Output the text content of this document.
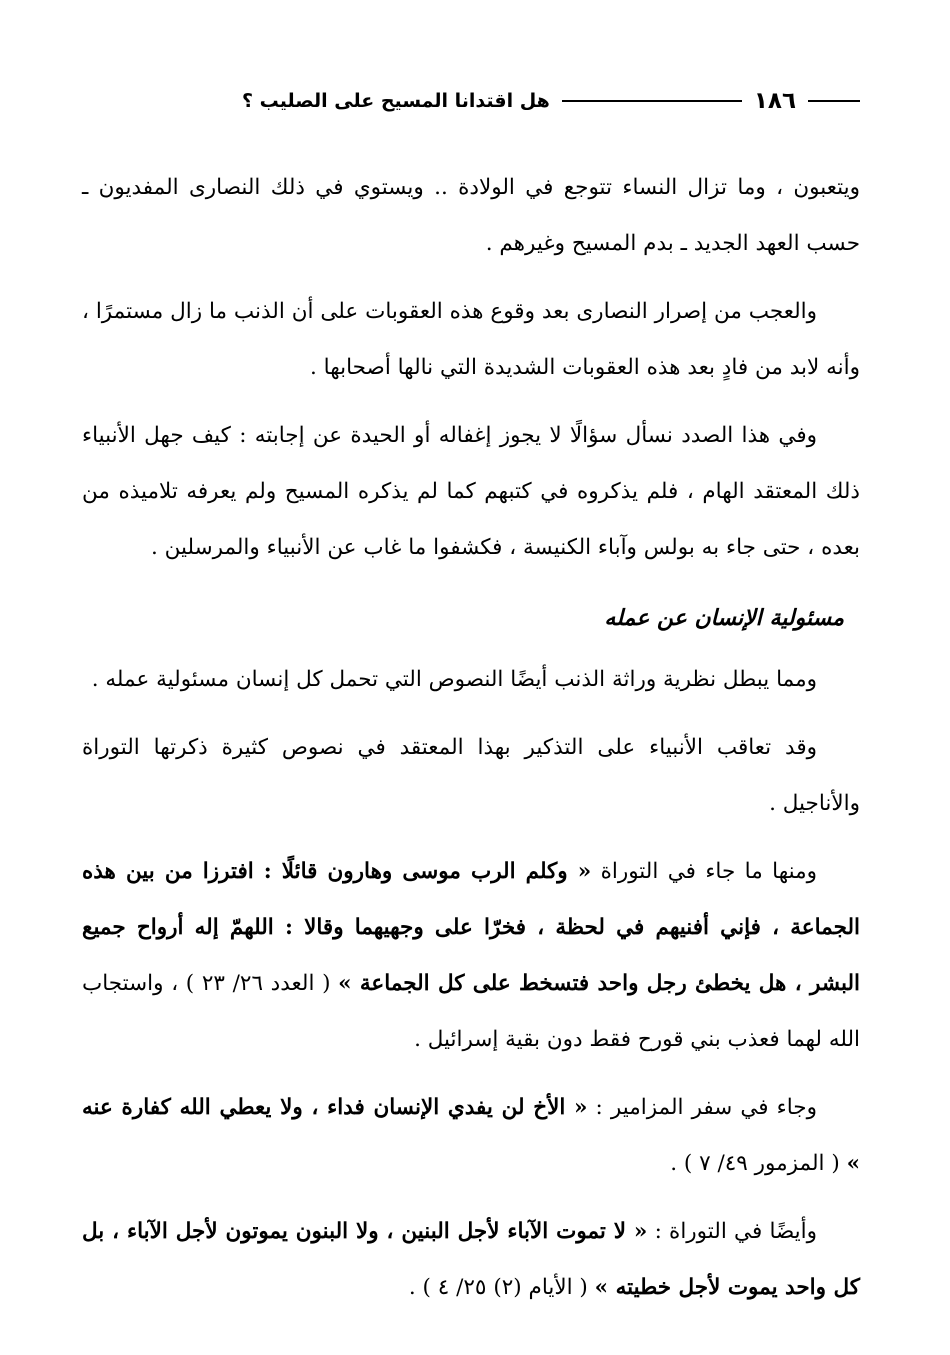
١٨٦
هل اقتدانا المسيح على الصليب ؟

ويتعبون ، وما تزال النساء تتوجع في الولادة .. ويستوي في ذلك النصارى المفديون ـ حسب العهد الجديد ـ بدم المسيح وغيرهم .

والعجب من إصرار النصارى بعد وقوع هذه العقوبات على أن الذنب ما زال مستمرًا ، وأنه لابد من فادٍ بعد هذه العقوبات الشديدة التي نالها أصحابها .

وفي هذا الصدد نسأل سؤالًا لا يجوز إغفاله أو الحيدة عن إجابته : كيف جهل الأنبياء ذلك المعتقد الهام ، فلم يذكروه في كتبهم كما لم يذكره المسيح ولم يعرفه تلاميذه من بعده ، حتى جاء به بولس وآباء الكنيسة ، فكشفوا ما غاب عن الأنبياء والمرسلين .

مسئولية الإنسان عن عمله

ومما يبطل نظرية وراثة الذنب أيضًا النصوص التي تحمل كل إنسان مسئولية عمله .

وقد تعاقب الأنبياء على التذكير بهذا المعتقد في نصوص كثيرة ذكرتها التوراة والأناجيل .

ومنها ما جاء في التوراة « وكلم الرب موسى وهارون قائلًا : افترزا من بين هذه الجماعة ، فإني أفنيهم في لحظة ، فخرّا على وجهيهما وقالا : اللهمّ إله أرواح جميع البشر ، هل يخطئ رجل واحد فتسخط على كل الجماعة » ( العدد ٢٦/ ٢٣ ) ، واستجاب الله لهما فعذب بني قورح فقط دون بقية إسرائيل .

وجاء في سفر المزامير : « الأخ لن يفدي الإنسان فداء ، ولا يعطي الله كفارة عنه » ( المزمور ٤٩/ ٧ ) .

وأيضًا في التوراة : « لا تموت الآباء لأجل البنين ، ولا البنون يموتون لأجل الآباء ، بل كل واحد يموت لأجل خطيته » ( الأيام (٢) ٢٥/ ٤ ) .
